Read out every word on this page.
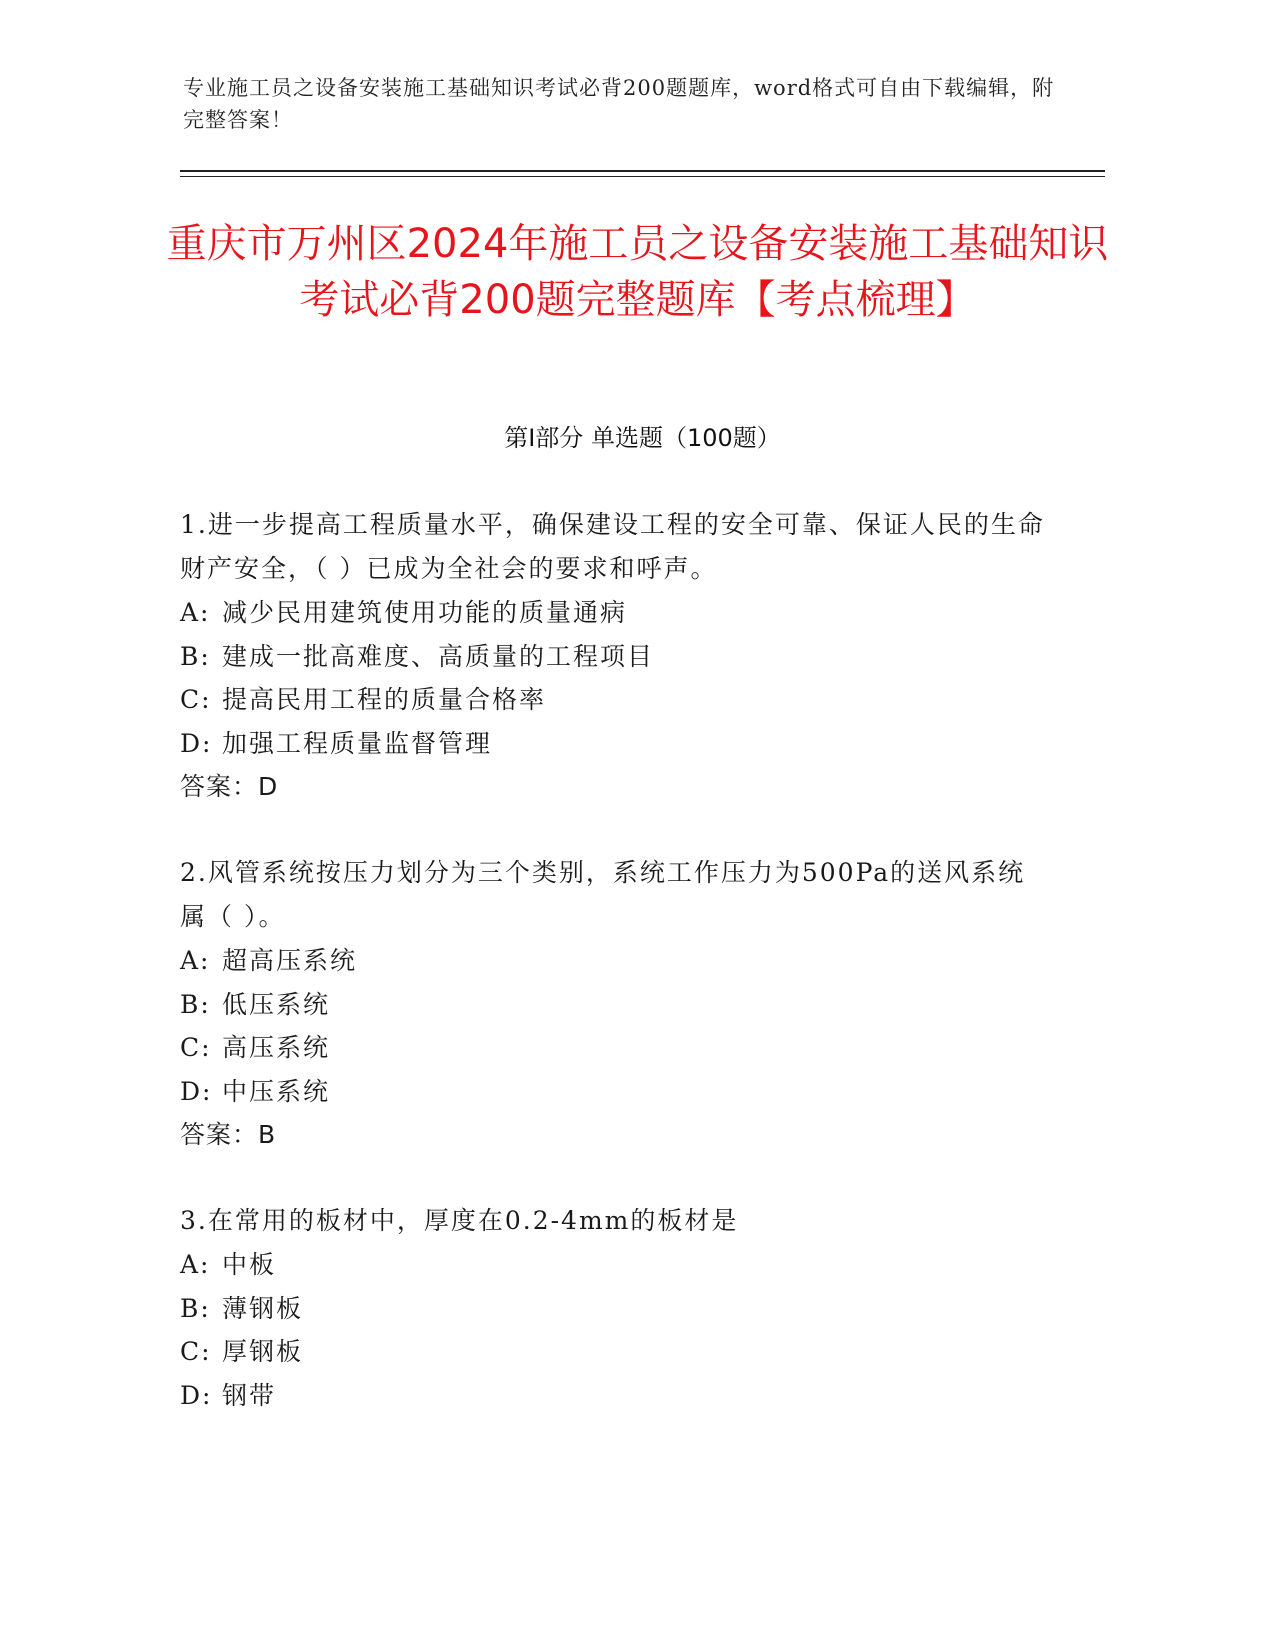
专业施工员之设备安装施工基础知识考试必背200题题库，word格式可自由下载编辑，附完整答案！
重庆市万州区2024年施工员之设备安装施工基础知识考试必背200题完整题库【考点梳理】
第I部分 单选题（100题）

1.进一步提高工程质量水平，确保建设工程的安全可靠、保证人民的生命财产安全，（ ）已成为全社会的要求和呼声。

A: 减少民用建筑使用功能的质量通病

B: 建成一批高难度、高质量的工程项目

C: 提高民用工程的质量合格率

D: 加强工程质量监督管理

答案：D

2.风管系统按压力划分为三个类别，系统工作压力为500Pa的送风系统属（ ）。

A: 超高压系统

B: 低压系统

C: 高压系统

D: 中压系统

答案：B

3.在常用的板材中，厚度在0.2-4mm的板材是

A: 中板

B: 薄钢板

C: 厚钢板

D: 钢带
